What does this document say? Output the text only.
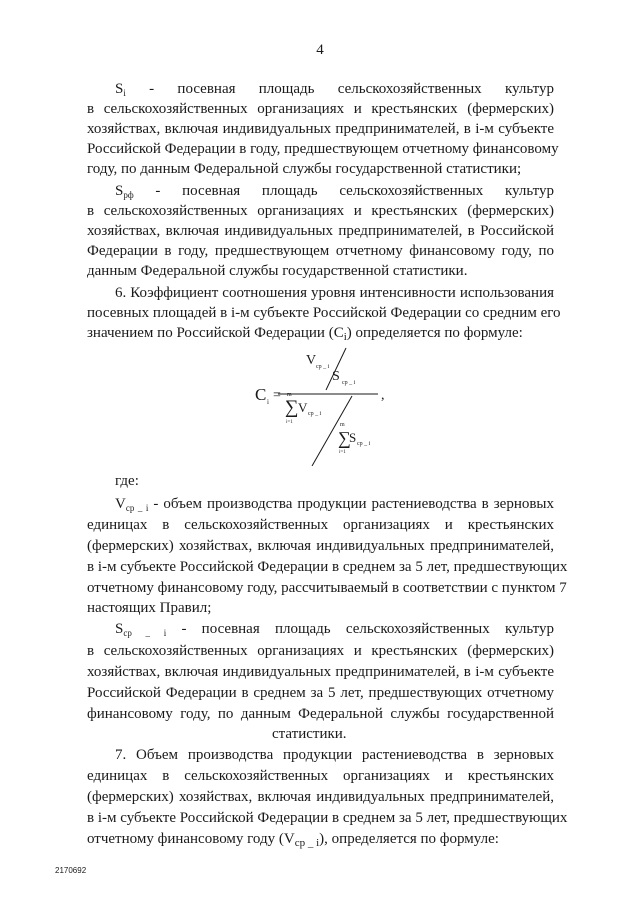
4
$S_i$ - посевная площадь сельскохозяйственных культур
в сельскохозяйственных организациях и крестьянских (фермерских)
хозяйствах, включая индивидуальных предпринимателей, в i-м субъекте
Российской Федерации в году, предшествующем отчетному финансовому
году, по данным Федеральной службы государственной статистики;
$S_{рф}$ - посевная площадь сельскохозяйственных культур
в сельскохозяйственных организациях и крестьянских (фермерских)
хозяйствах, включая индивидуальных предпринимателей, в Российской
Федерации в году, предшествующем отчетному финансовому году, по
данным Федеральной службы государственной статистики.
6. Коэффициент соотношения уровня интенсивности использования
посевных площадей в i-м субъекте Российской Федерации со средним его
значением по Российской Федерации $(C_i)$ определяется по формуле:
C i =
V ср _ i
S ср _ i
m
∑
i=1
V ср _ i
m
∑
i=1
S ср _ i
,
где:
$V_{ср \_ i}$ - объем производства продукции растениеводства в зерновых
единицах в сельскохозяйственных организациях и крестьянских
(фермерских) хозяйствах, включая индивидуальных предпринимателей,
в i-м субъекте Российской Федерации в среднем за 5 лет, предшествующих
отчетному финансовому году, рассчитываемый в соответствии с пунктом 7
настоящих Правил;
$S_{ср \_ i}$ - посевная площадь сельскохозяйственных культур
в сельскохозяйственных организациях и крестьянских (фермерских)
хозяйствах, включая индивидуальных предпринимателей, в i-м субъекте
Российской Федерации в среднем за 5 лет, предшествующих отчетному
финансовому году, по данным Федеральной службы государственной
статистики.
7. Объем производства продукции растениеводства в зерновых
единицах в сельскохозяйственных организациях и крестьянских
(фермерских) хозяйствах, включая индивидуальных предпринимателей,
в i-м субъекте Российской Федерации в среднем за 5 лет, предшествующих
отчетному финансовому году $(V_{ср \_ i})$, определяется по формуле:
2170692
